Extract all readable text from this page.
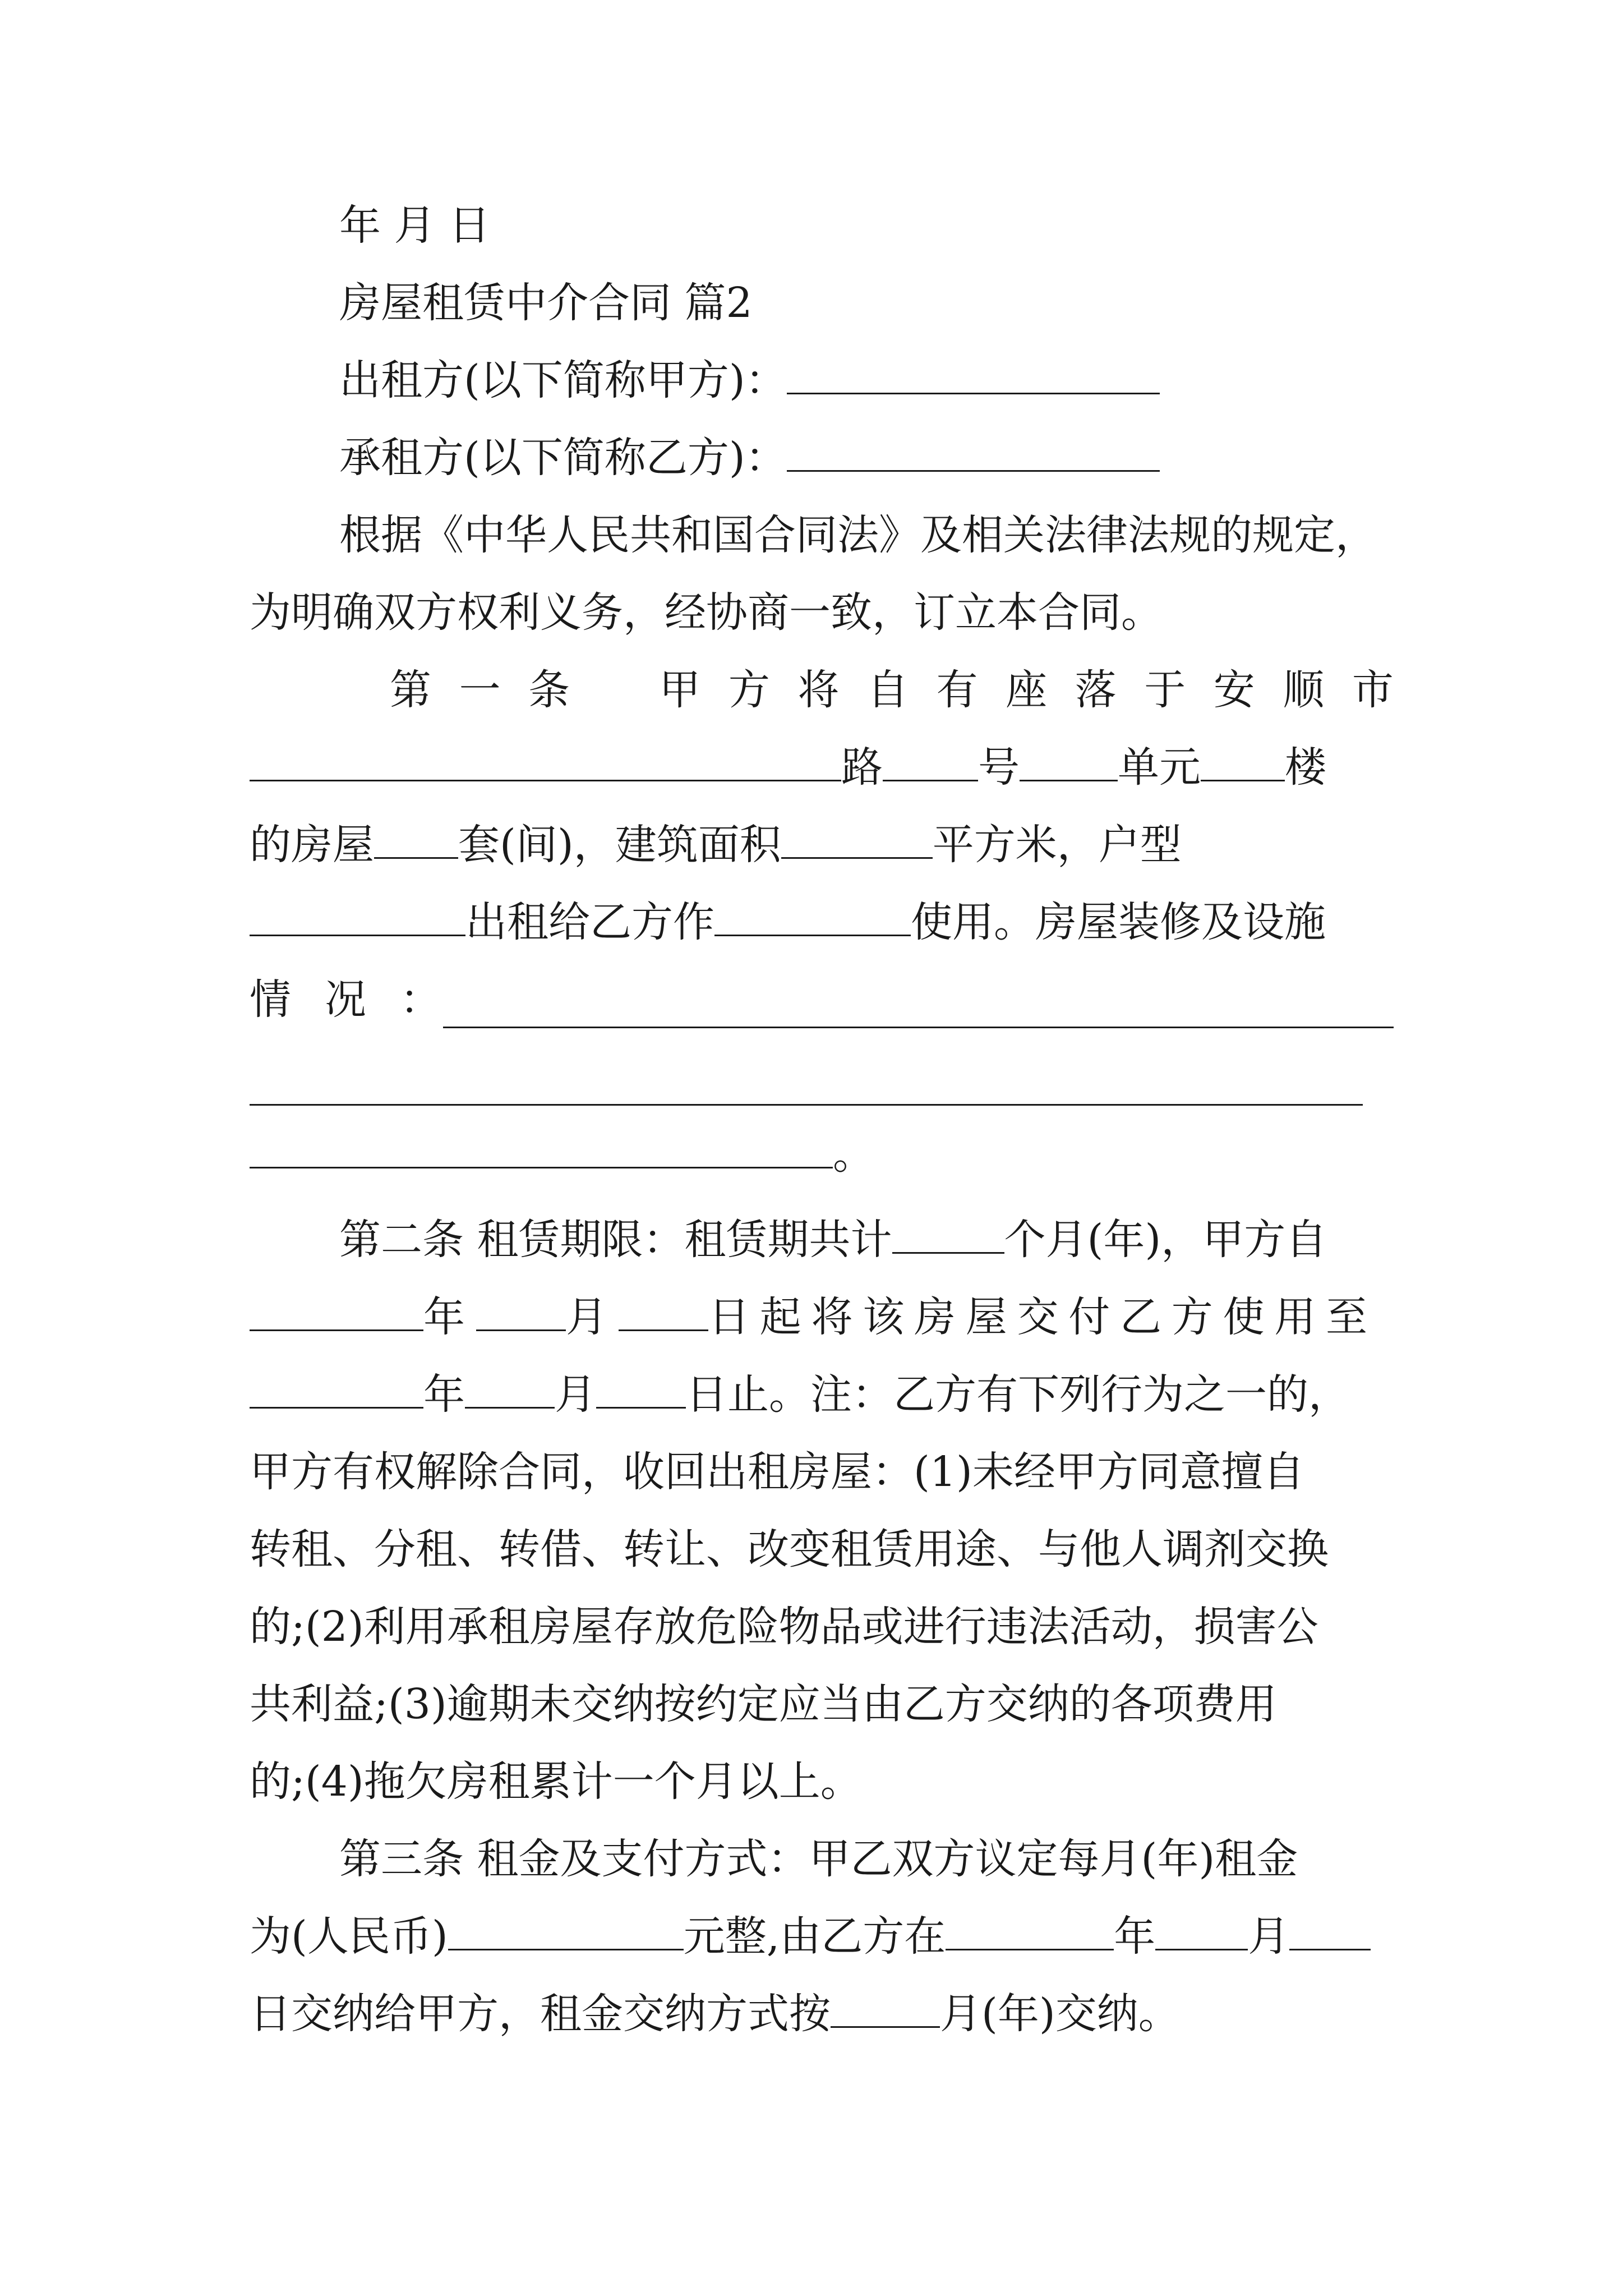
年 月 日
房屋租赁中介合同 篇2
出租方(以下简称甲方)：
承租方(以下简称乙方)：
根据《中华人民共和国合同法》及相关法律法规的规定，
为明确双方权利义务，经协商一致，订立本合同。
第 一 条 甲 方 将 自 有 座 落 于 安 顺 市
路 号 单元 楼
的房屋 套(间)，建筑面积	平方米，户型
出租给乙方作	使用。房屋装修及设施
情 况 ：
。
第二条 租赁期限：租赁期共计	个月(年)，甲方自
年 月 日 起 将 该 房 屋 交 付 乙 方 使 用 至
年 月 日止。注：乙方有下列行为之一的，
甲方有权解除合同，收回出租房屋：(1)未经甲方同意擅自
转租、分租、转借、转让、改变租赁用途、与他人调剂交换
的;(2)利用承租房屋存放危险物品或进行违法活动，损害公
共利益;(3)逾期未交纳按约定应当由乙方交纳的各项费用
的;(4)拖欠房租累计一个月以上。
第三条 租金及支付方式：甲乙双方议定每月(年)租金
为(人民币)	元整,由乙方在	年 月
日交纳给甲方，租金交纳方式按	月(年)交纳。
